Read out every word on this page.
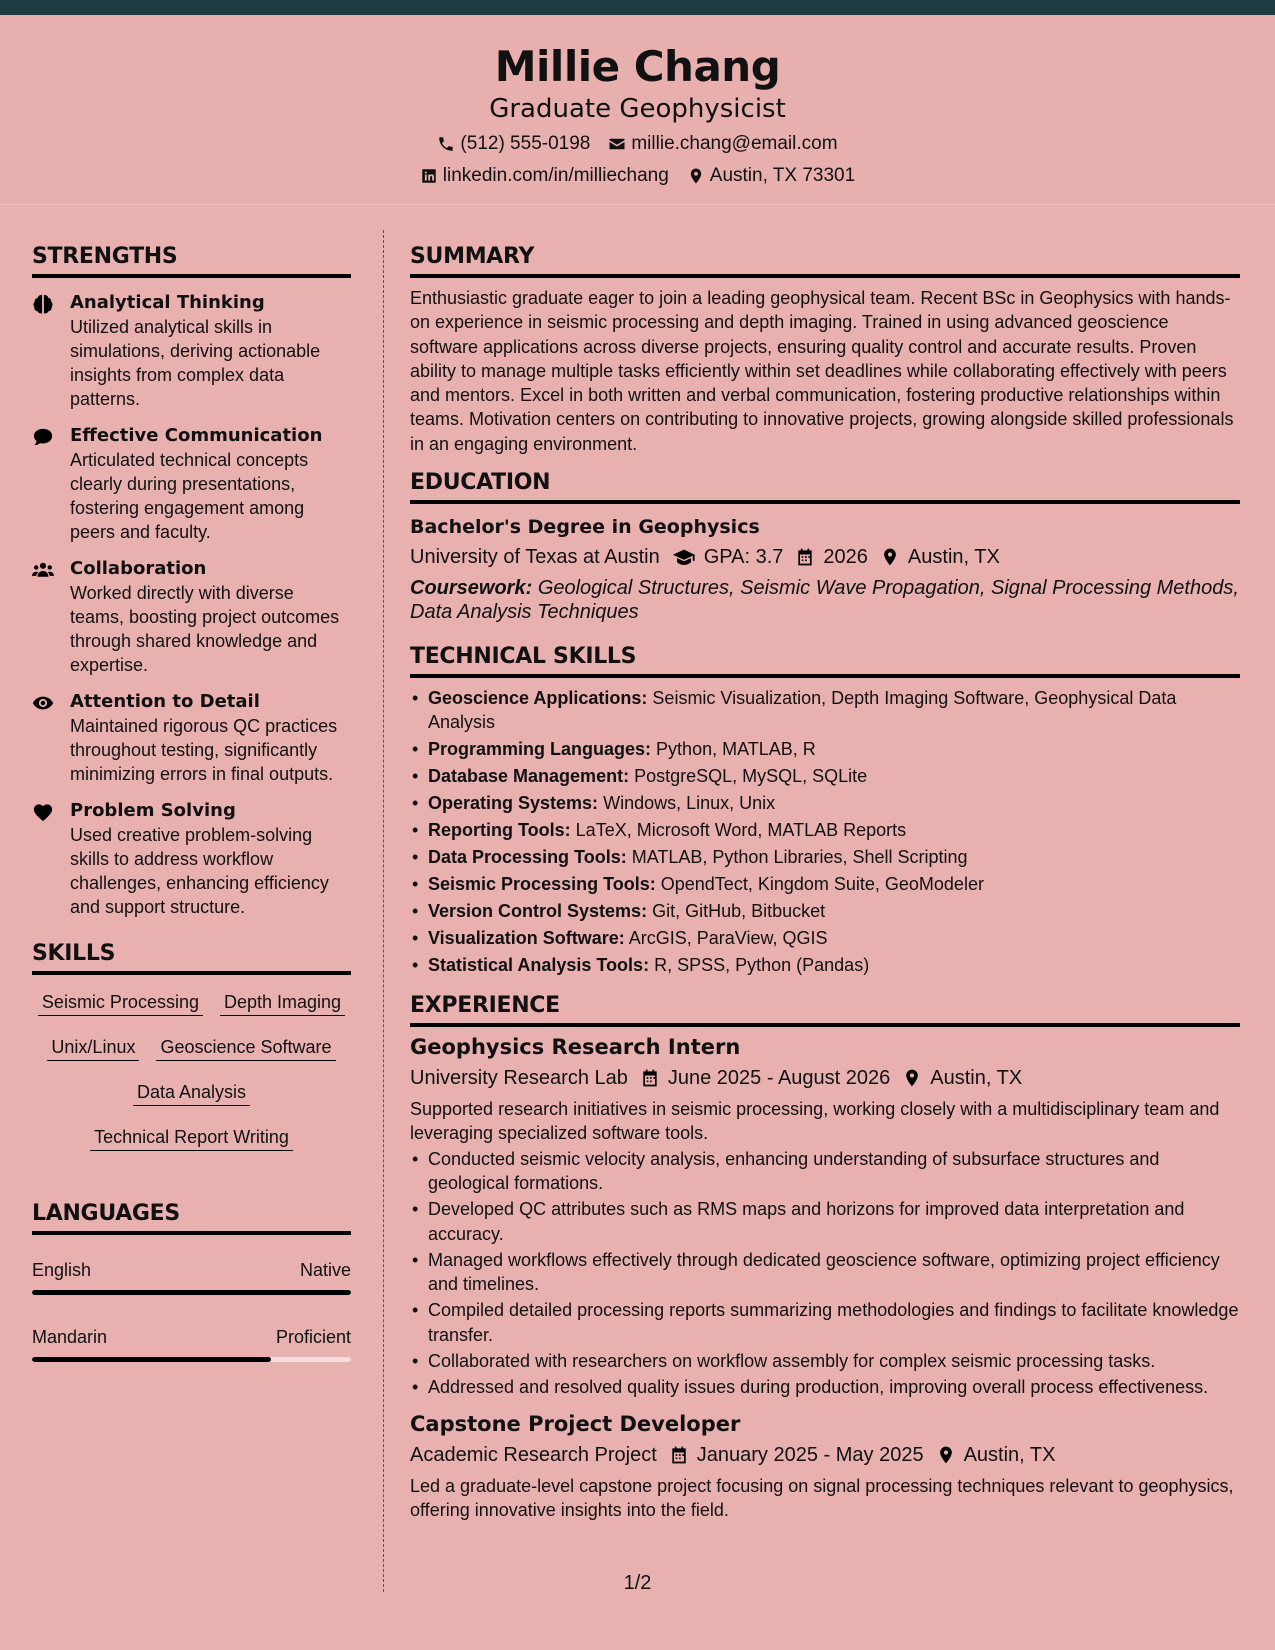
Millie Chang
Graduate Geophysicist
(512) 555-0198 millie.chang@email.com
linkedin.com/in/milliechang Austin, TX 73301
STRENGTHS
Analytical Thinking
Utilized analytical skills in simulations, deriving actionable insights from complex data patterns.
Effective Communication
Articulated technical concepts clearly during presentations, fostering engagement among peers and faculty.
Collaboration
Worked directly with diverse teams, boosting project outcomes through shared knowledge and expertise.
Attention to Detail
Maintained rigorous QC practices throughout testing, significantly minimizing errors in final outputs.
Problem Solving
Used creative problem-solving skills to address workflow challenges, enhancing efficiency and support structure.
SKILLS
Seismic Processing Depth Imaging
Unix/Linux Geoscience Software
Data Analysis
Technical Report Writing
LANGUAGES
English	Native
Mandarin	Proficient
SUMMARY

Enthusiastic graduate eager to join a leading geophysical team. Recent BSc in Geophysics with hands-on experience in seismic processing and depth imaging. Trained in using advanced geoscience software applications across diverse projects, ensuring quality control and accurate results. Proven ability to manage multiple tasks efficiently within set deadlines while collaborating effectively with peers and mentors. Excel in both written and verbal communication, fostering productive relationships within teams. Motivation centers on contributing to innovative projects, growing alongside skilled professionals in an engaging environment.

EDUCATION
Bachelor's Degree in Geophysics
University of Texas at Austin GPA: 3.7 2026 Austin, TX
Coursework: Geological Structures, Seismic Wave Propagation, Signal Processing Methods, Data Analysis Techniques
TECHNICAL SKILLS
• Geoscience Applications: Seismic Visualization, Depth Imaging Software, Geophysical Data Analysis
• Programming Languages: Python, MATLAB, R
• Database Management: PostgreSQL, MySQL, SQLite
• Operating Systems: Windows, Linux, Unix
• Reporting Tools: LaTeX, Microsoft Word, MATLAB Reports
• Data Processing Tools: MATLAB, Python Libraries, Shell Scripting
• Seismic Processing Tools: OpendTect, Kingdom Suite, GeoModeler
• Version Control Systems: Git, GitHub, Bitbucket
• Visualization Software: ArcGIS, ParaView, QGIS
• Statistical Analysis Tools: R, SPSS, Python (Pandas)
EXPERIENCE
Geophysics Research Intern
University Research Lab June 2025 - August 2026 Austin, TX

Supported research initiatives in seismic processing, working closely with a multidisciplinary team and leveraging specialized software tools.

• Conducted seismic velocity analysis, enhancing understanding of subsurface structures and geological formations.
• Developed QC attributes such as RMS maps and horizons for improved data interpretation and accuracy.
• Managed workflows effectively through dedicated geoscience software, optimizing project efficiency and timelines.
• Compiled detailed processing reports summarizing methodologies and findings to facilitate knowledge transfer.
• Collaborated with researchers on workflow assembly for complex seismic processing tasks.
• Addressed and resolved quality issues during production, improving overall process effectiveness.
Capstone Project Developer
Academic Research Project January 2025 - May 2025 Austin, TX

Led a graduate-level capstone project focusing on signal processing techniques relevant to geophysics, offering innovative insights into the field.

1/2
